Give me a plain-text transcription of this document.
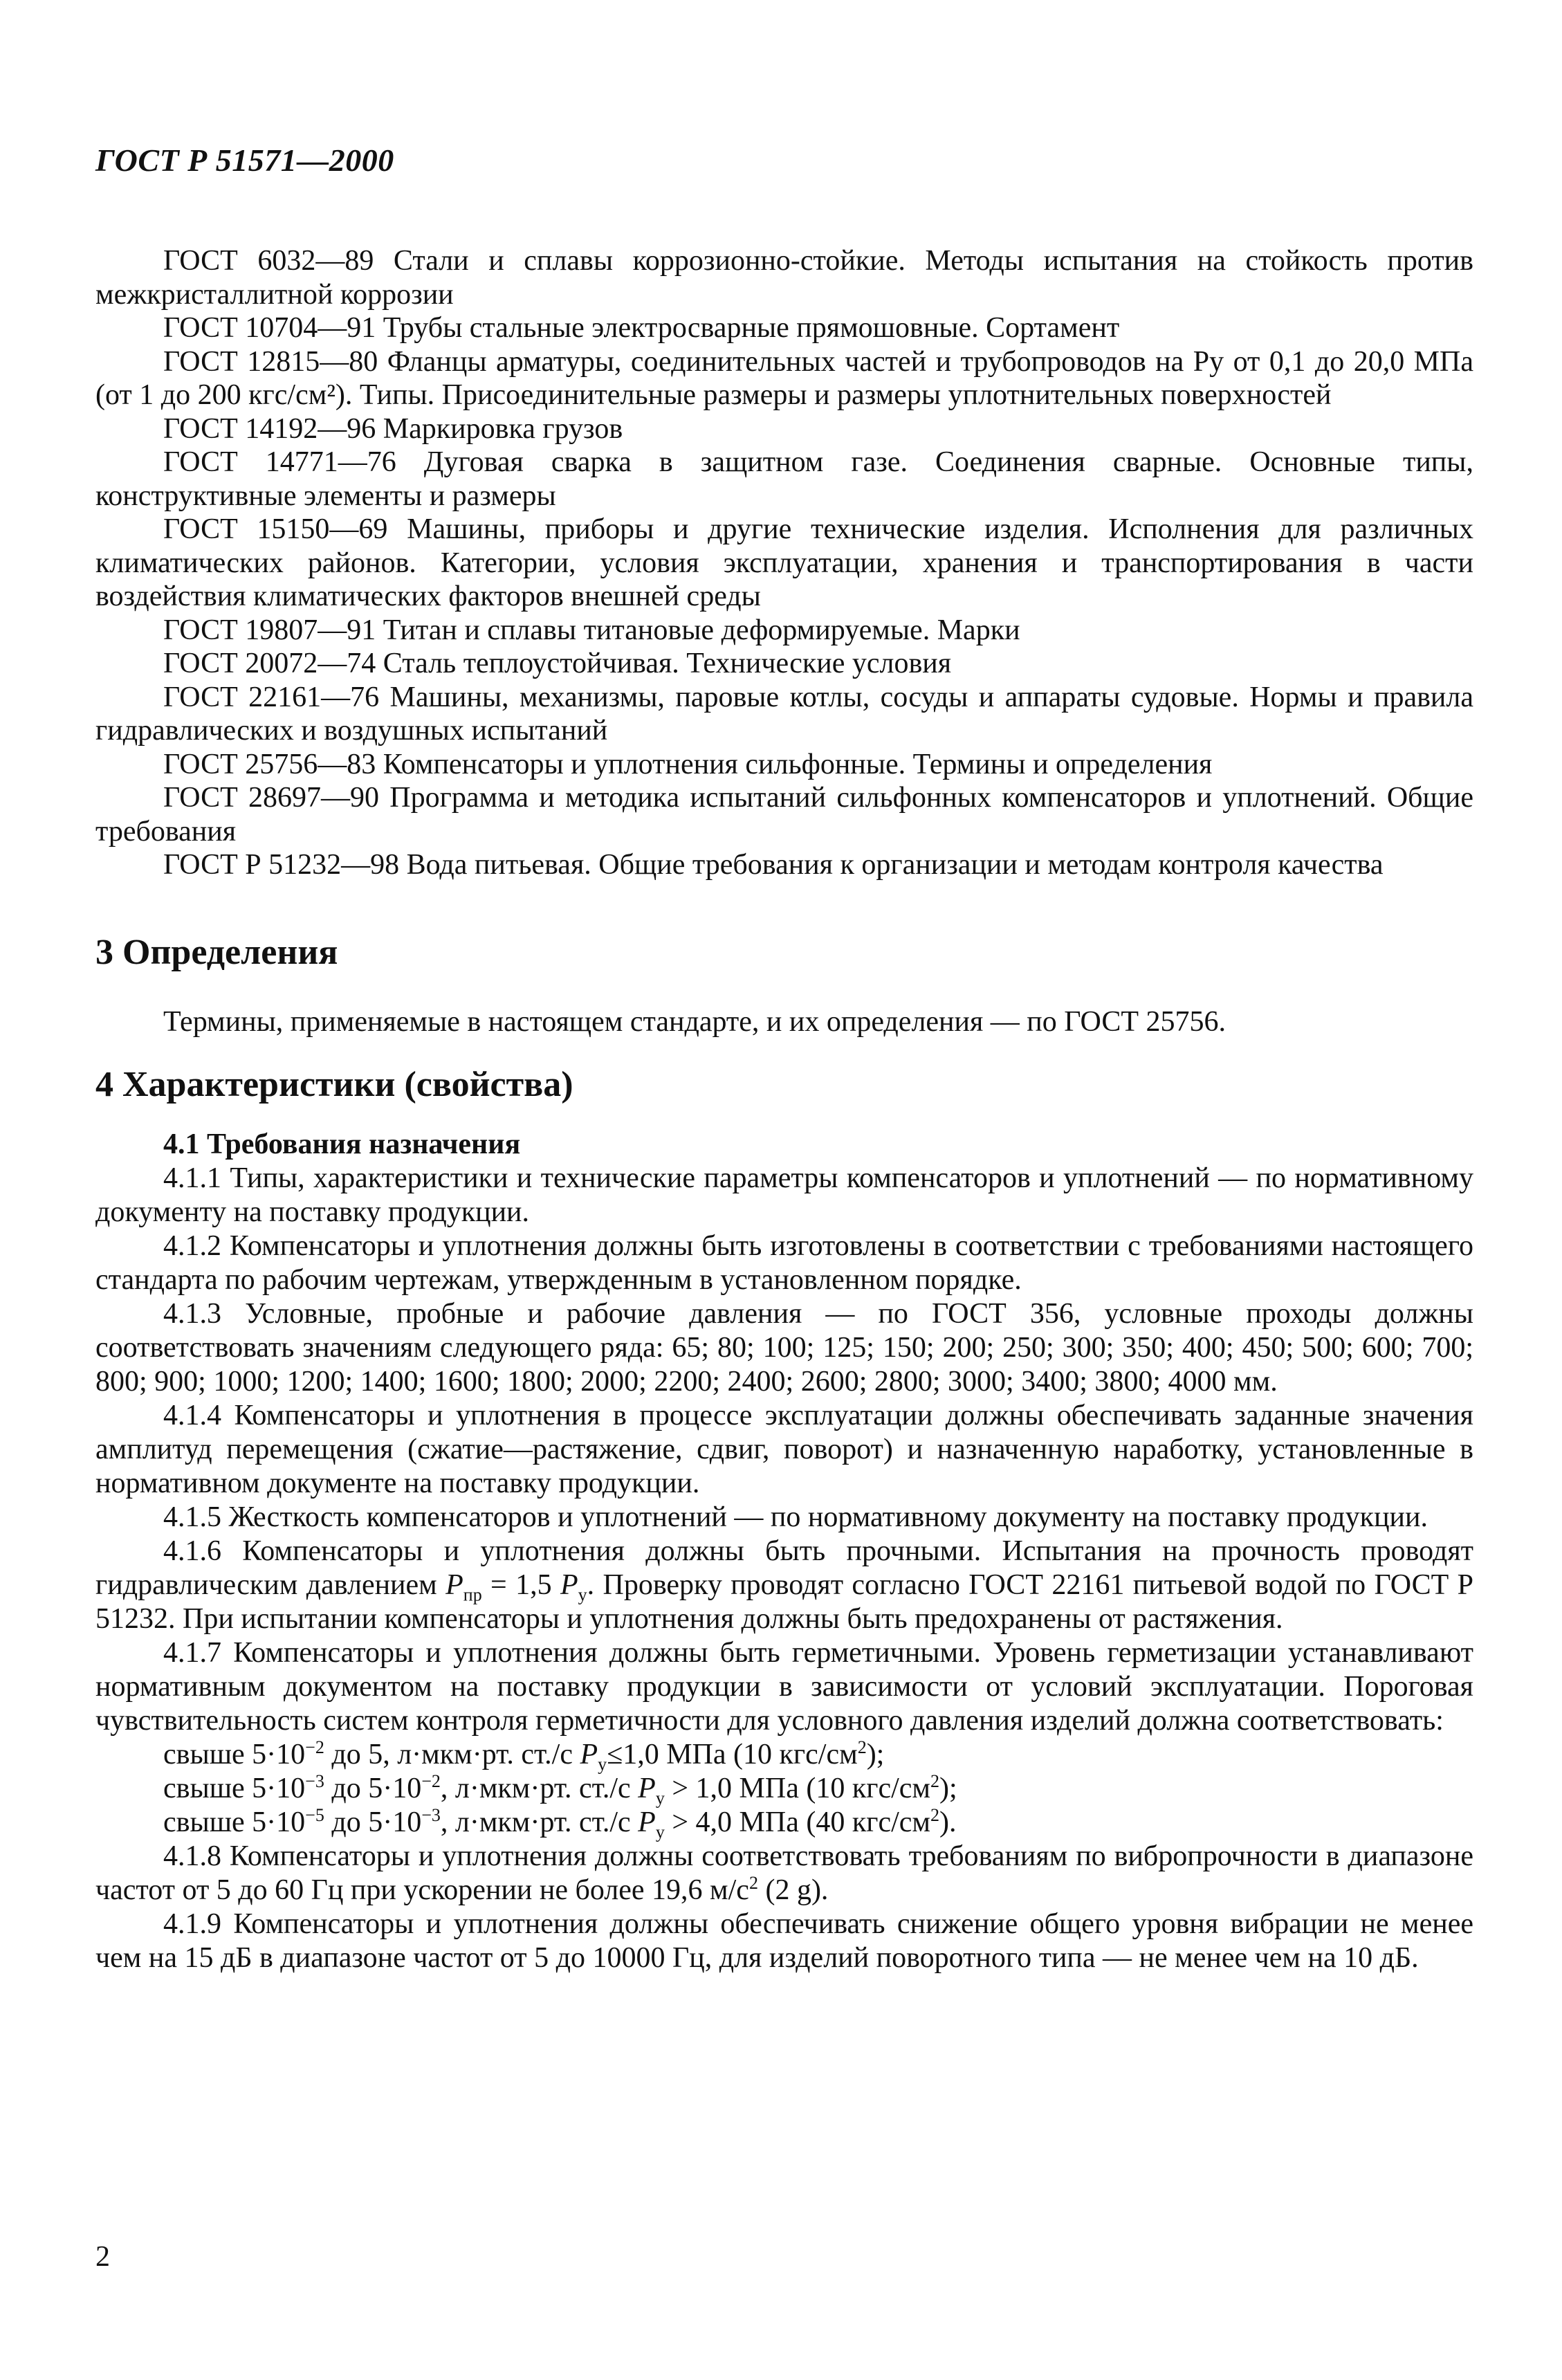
ГОСТ Р 51571—2000

ГОСТ 6032—89 Стали и сплавы коррозионно-стойкие. Методы испытания на стойкость против межкристаллитной коррозии

ГОСТ 10704—91 Трубы стальные электросварные прямошовные. Сортамент

ГОСТ 12815—80 Фланцы арматуры, соединительных частей и трубопроводов на Pу от 0,1 до 20,0 МПа (от 1 до 200 кгс/см²). Типы. Присоединительные размеры и размеры уплотнительных поверхностей

ГОСТ 14192—96 Маркировка грузов

ГОСТ 14771—76 Дуговая сварка в защитном газе. Соединения сварные. Основные типы, конструктивные элементы и размеры

ГОСТ 15150—69 Машины, приборы и другие технические изделия. Исполнения для различных климатических районов. Категории, условия эксплуатации, хранения и транспортирования в части воздействия климатических факторов внешней среды

ГОСТ 19807—91 Титан и сплавы титановые деформируемые. Марки

ГОСТ 20072—74 Сталь теплоустойчивая. Технические условия

ГОСТ 22161—76 Машины, механизмы, паровые котлы, сосуды и аппараты судовые. Нормы и правила гидравлических и воздушных испытаний

ГОСТ 25756—83 Компенсаторы и уплотнения сильфонные. Термины и определения

ГОСТ 28697—90 Программа и методика испытаний сильфонных компенсаторов и уплотнений. Общие требования

ГОСТ Р 51232—98 Вода питьевая. Общие требования к организации и методам контроля качества

3 Определения

Термины, применяемые в настоящем стандарте, и их определения — по ГОСТ 25756.

4 Характеристики (свойства)
4.1 Требования назначения

4.1.1 Типы, характеристики и технические параметры компенсаторов и уплотнений — по нормативному документу на поставку продукции.

4.1.2 Компенсаторы и уплотнения должны быть изготовлены в соответствии с требованиями настоящего стандарта по рабочим чертежам, утвержденным в установленном порядке.

4.1.3 Условные, пробные и рабочие давления — по ГОСТ 356, условные проходы должны соответствовать значениям следующего ряда: 65; 80; 100; 125; 150; 200; 250; 300; 350; 400; 450; 500; 600; 700; 800; 900; 1000; 1200; 1400; 1600; 1800; 2000; 2200; 2400; 2600; 2800; 3000; 3400; 3800; 4000 мм.

4.1.4 Компенсаторы и уплотнения в процессе эксплуатации должны обеспечивать заданные значения амплитуд перемещения (сжатие—растяжение, сдвиг, поворот) и назначенную наработку, установленные в нормативном документе на поставку продукции.

4.1.5 Жесткость компенсаторов и уплотнений — по нормативному документу на поставку продукции.

4.1.6 Компенсаторы и уплотнения должны быть прочными. Испытания на прочность проводят гидравлическим давлением $P_{пр} = 1,5$ $P_у$. Проверку проводят согласно ГОСТ 22161 питьевой водой по ГОСТ Р 51232. При испытании компенсаторы и уплотнения должны быть предохранены от растяжения.

4.1.7 Компенсаторы и уплотнения должны быть герметичными. Уровень герметизации устанавливают нормативным документом на поставку продукции в зависимости от условий эксплуатации. Пороговая чувствительность систем контроля герметичности для условного давления изделий должна соответствовать:

свыше $5\cdot 10^{-2}$ до 5, л·мкм·рт. ст./с $P_у\le 1,0$ МПа (10 кгс/$см^2$);

свыше $5\cdot 10^{-3}$ до $5\cdot 10^{-2}$, л·мкм·рт. ст./с $P_у > 1,0$ МПа (10 кгс/$см^2$);

свыше $5\cdot 10^{-5}$ до $5\cdot 10^{-3}$, л·мкм·рт. ст./с $P_у > 4,0$ МПа (40 кгс/$см^2$).

4.1.8 Компенсаторы и уплотнения должны соответствовать требованиям по вибропрочности в диапазоне частот от 5 до 60 Гц при ускорении не более 19,6 $м/с^2$ (2 g).

4.1.9 Компенсаторы и уплотнения должны обеспечивать снижение общего уровня вибрации не менее чем на 15 дБ в диапазоне частот от 5 до 10000 Гц, для изделий поворотного типа — не менее чем на 10 дБ.

2
